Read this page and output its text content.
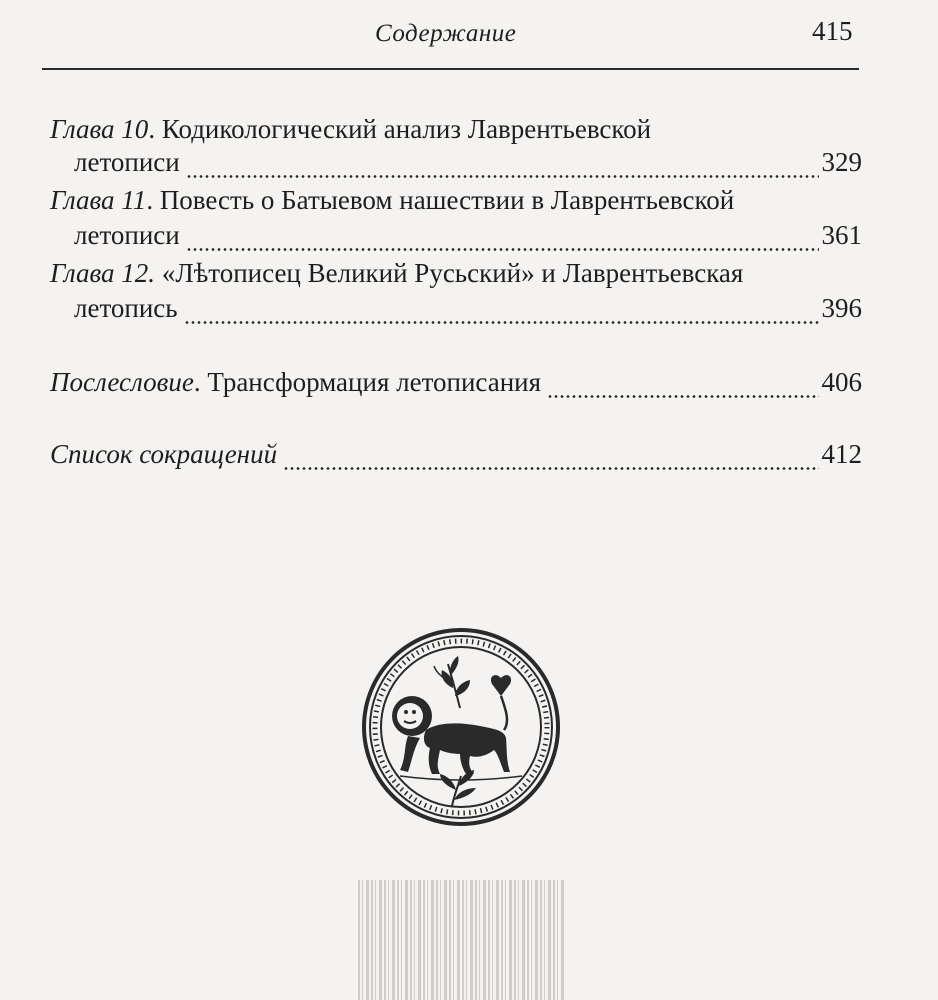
Содержание	415
Глава 10. Кодикологический анализ Лаврентьевской
летописи	329
Глава 11. Повесть о Батыевом нашествии в Лаврентьевской
летописи	361
Глава 12. «Лѣтописец Великий Русьский» и Лаврентьевская
летопись	396
Послесловие. Трансформация летописания	406
Список сокращений	412
